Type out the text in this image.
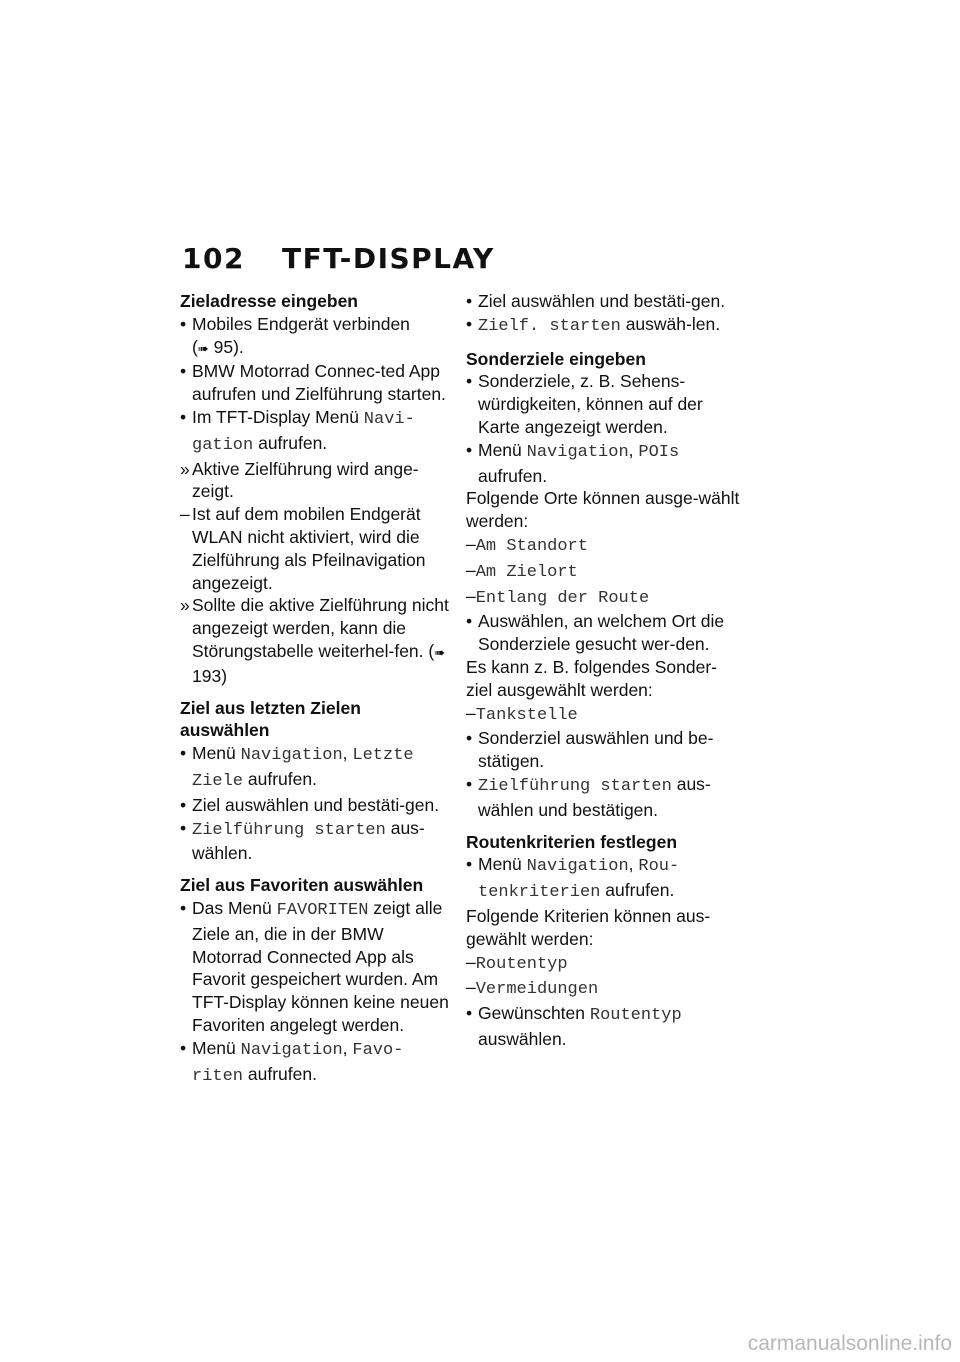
102 TFT-DISPLAY
Zieladresse eingeben
• Mobiles Endgerät verbinden
(➠ 95).
• BMW Motorrad Connec-ted App aufrufen und Zielführung starten.
• Im TFT-Display Menü Navi-gation aufrufen.
» Aktive Zielführung wird ange-zeigt.
– Ist auf dem mobilen Endgerät WLAN nicht aktiviert, wird die Zielführung als Pfeilnavigation angezeigt.
» Sollte die aktive Zielführung nicht angezeigt werden, kann die Störungstabelle weiterhel-fen. (➠ 193)
Ziel aus letzten Zielen auswählen
• Menü Navigation, Letzte Ziele aufrufen.
• Ziel auswählen und bestäti-gen.
• Zielführung starten aus-wählen.
Ziel aus Favoriten auswählen
• Das Menü FAVORITEN zeigt alle Ziele an, die in der BMW Motorrad Connected App als Favorit gespeichert wurden. Am TFT-Display können keine neuen Favoriten angelegt werden.
• Menü Navigation, Favo-riten aufrufen.
• Ziel auswählen und bestäti-gen.
• Zielf. starten auswäh-len.
Sonderziele eingeben
• Sonderziele, z. B. Sehens-würdigkeiten, können auf der Karte angezeigt werden.
• Menü Navigation, POIs
aufrufen.
Folgende Orte können ausge-wählt werden:
–Am Standort
–Am Zielort
–Entlang der Route
• Auswählen, an welchem Ort die Sonderziele gesucht wer-den.
Es kann z. B. folgendes Sonder-ziel ausgewählt werden:
–Tankstelle
• Sonderziel auswählen und be-stätigen.
• Zielführung starten aus-wählen und bestätigen.
Routenkriterien festlegen
• Menü Navigation, Rou-tenkriterien aufrufen.
Folgende Kriterien können aus-gewählt werden:
–Routentyp
–Vermeidungen
• Gewünschten Routentyp
auswählen.
carmanualsonline.info
